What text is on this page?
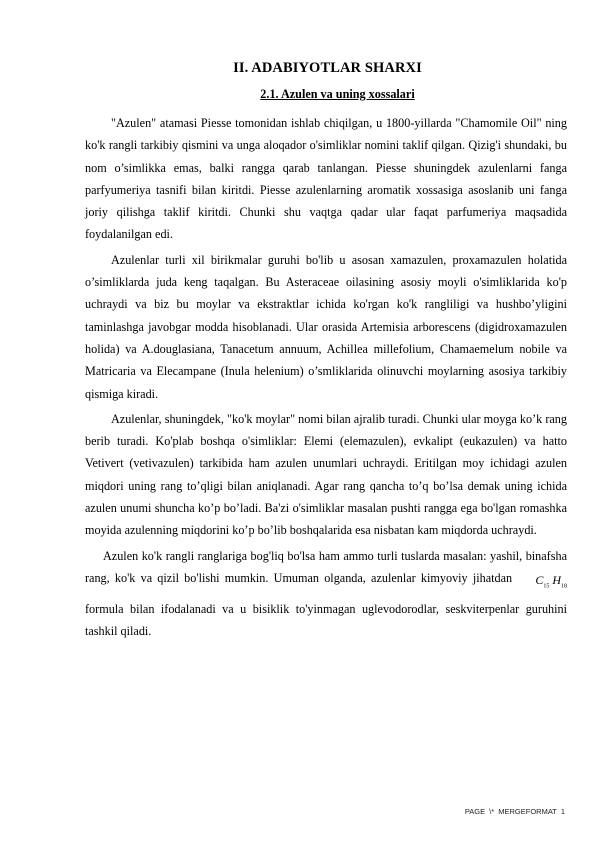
II. ADABIYOTLAR SHARXI
2.1. Azulen va uning xossalari

"Azulen" atamasi Piesse tomonidan ishlab chiqilgan, u 1800-yillarda "Chamomile Oil" ning ko'k rangli tarkibiy qismini va unga aloqador o'simliklar nomini taklif qilgan. Qizig'i shundaki, bu nom o’simlikka emas, balki rangga qarab tanlangan. Piesse shuningdek azulenlarni fanga parfyumeriya tasnifi bilan kiritdi. Piesse azulenlarning aromatik xossasiga asoslanib uni fanga joriy qilishga taklif kiritdi. Chunki shu vaqtga qadar ular faqat parfumeriya maqsadida foydalanilgan edi.

Azulenlar turli xil birikmalar guruhi bo'lib u asosan xamazulen, proxamazulen holatida o’simliklarda juda keng taqalgan. Bu Asteraceae oilasining asosiy moyli o'simliklarida ko'p uchraydi va biz bu moylar va ekstraktlar ichida ko'rgan ko'k rangliligi va hushbo’yligini taminlashga javobgar modda hisoblanadi. Ular orasida Artemisia arborescens (digidroxamazulen holida) va A.douglasiana, Tanacetum annuum, Achillea millefolium, Chamaemelum nobile va Matricaria va Elecampane (Inula helenium) o’smliklarida olinuvchi moylarning asosiya tarkibiy qismiga kiradi.

Azulenlar, shuningdek, "ko'k moylar" nomi bilan ajralib turadi. Chunki ular moyga ko’k rang berib turadi. Ko'plab boshqa o'simliklar: Elemi (elemazulen), evkalipt (eukazulen) va hatto Vetivert (vetivazulen) tarkibida ham azulen unumlari uchraydi. Eritilgan moy ichidagi azulen miqdori uning rang to’qligi bilan aniqlanadi. Agar rang qancha to’q bo’lsa demak uning ichida azulen unumi shuncha ko’p bo’ladi. Ba'zi o'simliklar masalan pushti rangga ega bo'lgan romashka moyida azulenning miqdorini ko’p bo’lib boshqalarida esa nisbatan kam miqdorda uchraydi.

Azulen ko'k rangli ranglariga bog'liq bo'lsa ham ammo turli tuslarda masalan: yashil, binafsha rang, ko'k va qizil bo'lishi mumkin. Umuman olganda, azulenlar kimyoviy jihatdan $C_{15}$ $H_{18}$ formula bilan ifodalanadi va u bisiklik to'yinmagan uglevodorodlar, seskviterpenlar guruhini tashkil qiladi.

PAGE \* MERGEFORMAT 1
